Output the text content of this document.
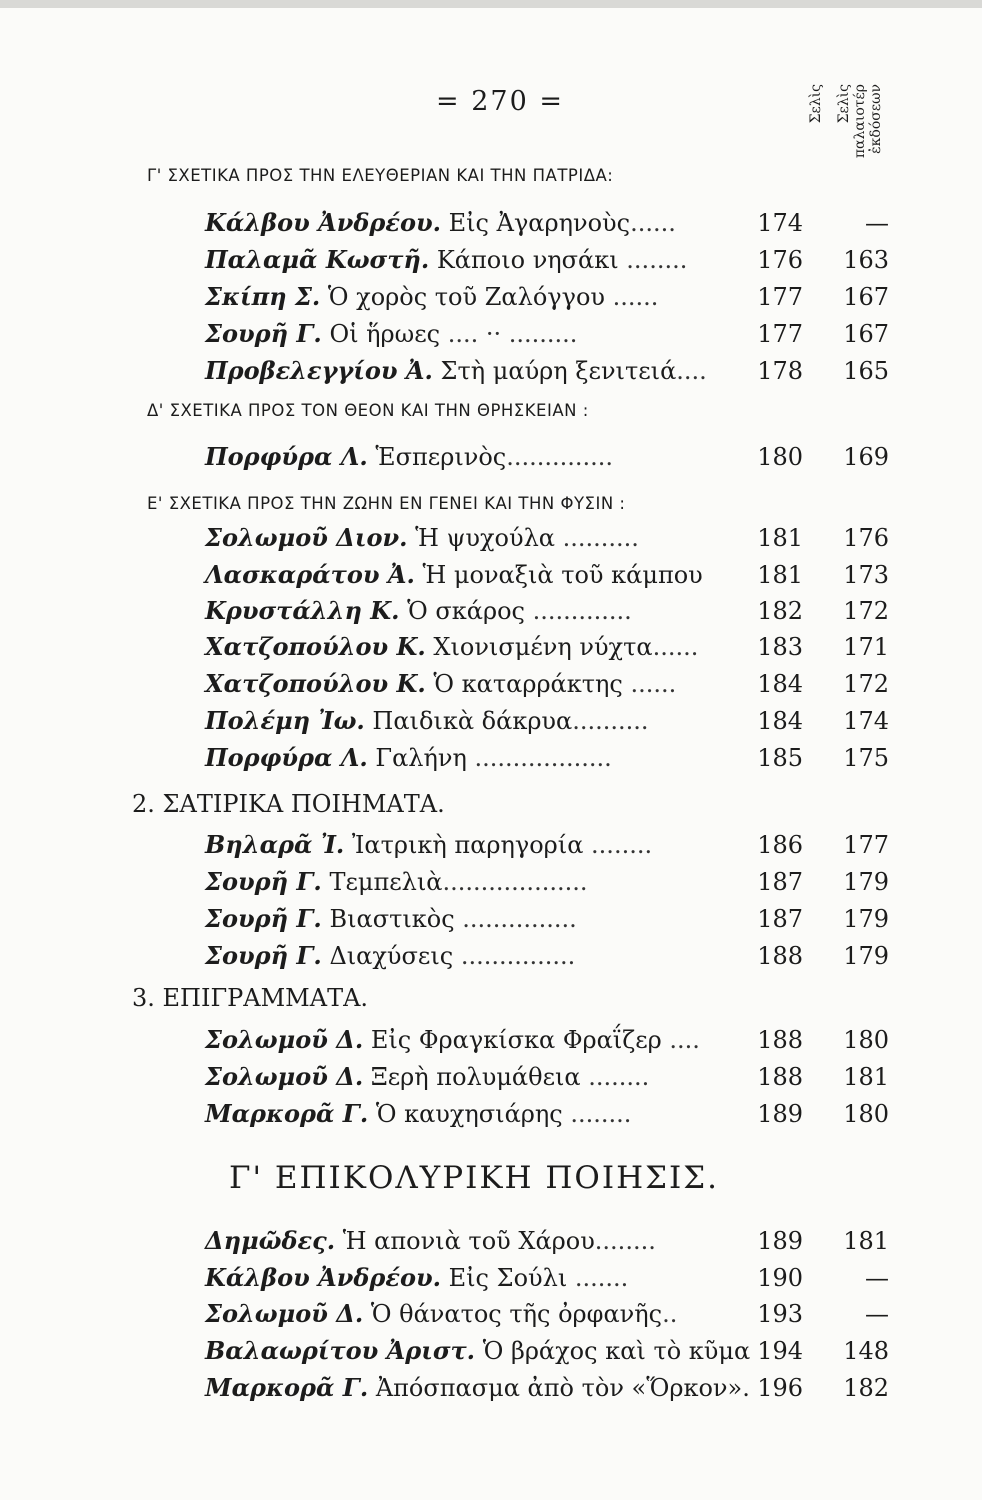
= 270 =	Σελὶς Σελὶς παλαιοτέρ ἐκδόσεων
Γ' ΣΧΕΤΙΚΑ ΠΡΟΣ ΤΗΝ ΕΛΕΥΘΕΡΙΑΝ ΚΑΙ ΤΗΝ ΠΑΤΡΙΔΑ:
Κάλβου Ἀνδρέου. Εἰς Ἀγαρηνοὺς......	174	—
Παλαμᾶ Κωστῆ. Κάποιο νησάκι ........	176 163
Σκίπη Σ. Ὁ χορὸς τοῦ Ζαλόγγου ......	177 167
Σουρῆ Γ. Οἱ ἥρωες .... ·· .........	177 167
Προβελεγγίου Ἀ. Στὴ μαύρη ξενιτειά.... 178 165
Δ' ΣΧΕΤΙΚΑ ΠΡΟΣ ΤΟΝ ΘΕΟΝ ΚΑΙ ΤΗΝ ΘΡΗΣΚΕΙΑΝ :
Πορφύρα Λ. Ἑσπερινὸς..............	180 169
Ε' ΣΧΕΤΙΚΑ ΠΡΟΣ ΤΗΝ ΖΩΗΝ ΕΝ ΓΕΝΕΙ ΚΑΙ ΤΗΝ ΦΥΣΙΝ :
Σολωμοῦ Διον. Ἡ ψυχούλα ..........	181 176
Λασκαράτου Ἀ. Ἡ μοναξιὰ τοῦ κάμπου 181 173
Κρυστάλλη Κ. Ὁ σκάρος .............	182 172
Χατζοπούλου Κ. Χιονισμένη νύχτα...... 183 171
Χατζοπούλου Κ. Ὁ καταρράκτης ......	184 172
Πολέμη Ἰω. Παιδικὰ δάκρυα..........	184 174
Πορφύρα Λ. Γαλήνη ..................	185 175
2. ΣΑΤΙΡΙΚΑ ΠΟΙΗΜΑΤΑ.
Βηλαρᾶ Ἰ. Ἰατρικὴ παρηγορία ........	186 177
Σουρῆ Γ. Τεμπελιὰ...................	187 179
Σουρῆ Γ. Βιαστικὸς ...............	187 179
Σουρῆ Γ. Διαχύσεις ...............	188 179
3. ΕΠΙΓΡΑΜΜΑΤΑ.
Σολωμοῦ Δ. Εἰς Φραγκίσκα Φραΐζερ .... 188 180
Σολωμοῦ Δ. Ξερὴ πολυμάθεια ........	188 181
Μαρκορᾶ Γ. Ὁ καυχησιάρης ........	189 180
Γ' ΕΠΙΚΟΛΥΡΙΚΗ ΠΟΙΗΣΙΣ.
Δημῶδες. Ἡ απονιὰ τοῦ Χάρου........	189 181
Κάλβου Ἀνδρέου. Εἰς Σούλι .......	190	—
Σολωμοῦ Δ. Ὁ θάνατος τῆς ὀρφανῆς..	193	—
Βαλαωρίτου Ἀριστ. Ὁ βράχος καὶ τὸ κῦμα 194 148
Μαρκορᾶ Γ. Ἀπόσπασμα ἀπὸ τὸν «Ὅρκον». 196 182
